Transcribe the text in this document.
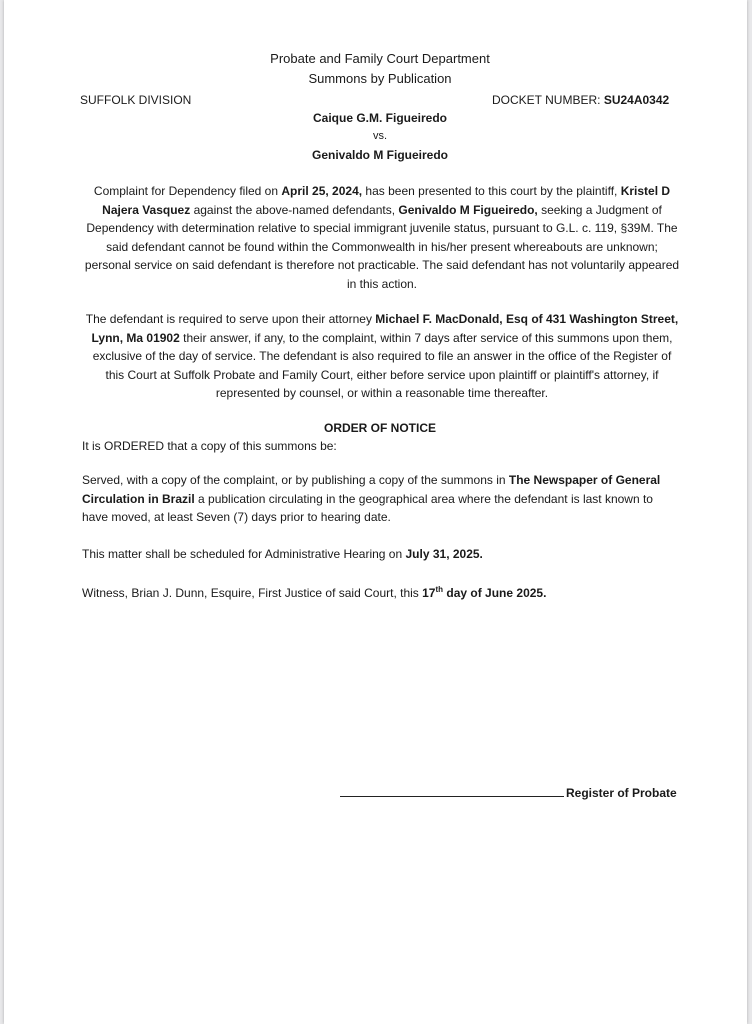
Probate and Family Court Department
Summons by Publication
SUFFOLK DIVISION	DOCKET NUMBER: SU24A0342
Caique G.M. Figueiredo
vs.
Genivaldo M Figueiredo
Complaint for Dependency filed on April 25, 2024, has been presented to this court by the plaintiff, Kristel D Najera Vasquez against the above-named defendants, Genivaldo M Figueiredo, seeking a Judgment of Dependency with determination relative to special immigrant juvenile status, pursuant to G.L. c. 119, §39M. The said defendant cannot be found within the Commonwealth in his/her present whereabouts are unknown; personal service on said defendant is therefore not practicable. The said defendant has not voluntarily appeared in this action.
The defendant is required to serve upon their attorney Michael F. MacDonald, Esq of 431 Washington Street, Lynn, Ma 01902 their answer, if any, to the complaint, within 7 days after service of this summons upon them, exclusive of the day of service. The defendant is also required to file an answer in the office of the Register of this Court at Suffolk Probate and Family Court, either before service upon plaintiff or plaintiff's attorney, if represented by counsel, or within a reasonable time thereafter.
ORDER OF NOTICE
It is ORDERED that a copy of this summons be:
Served, with a copy of the complaint, or by publishing a copy of the summons in The Newspaper of General Circulation in Brazil a publication circulating in the geographical area where the defendant is last known to have moved, at least Seven (7) days prior to hearing date.
This matter shall be scheduled for Administrative Hearing on July 31, 2025.
Witness, Brian J. Dunn, Esquire, First Justice of said Court, this 17th day of June 2025.
Register of Probate
